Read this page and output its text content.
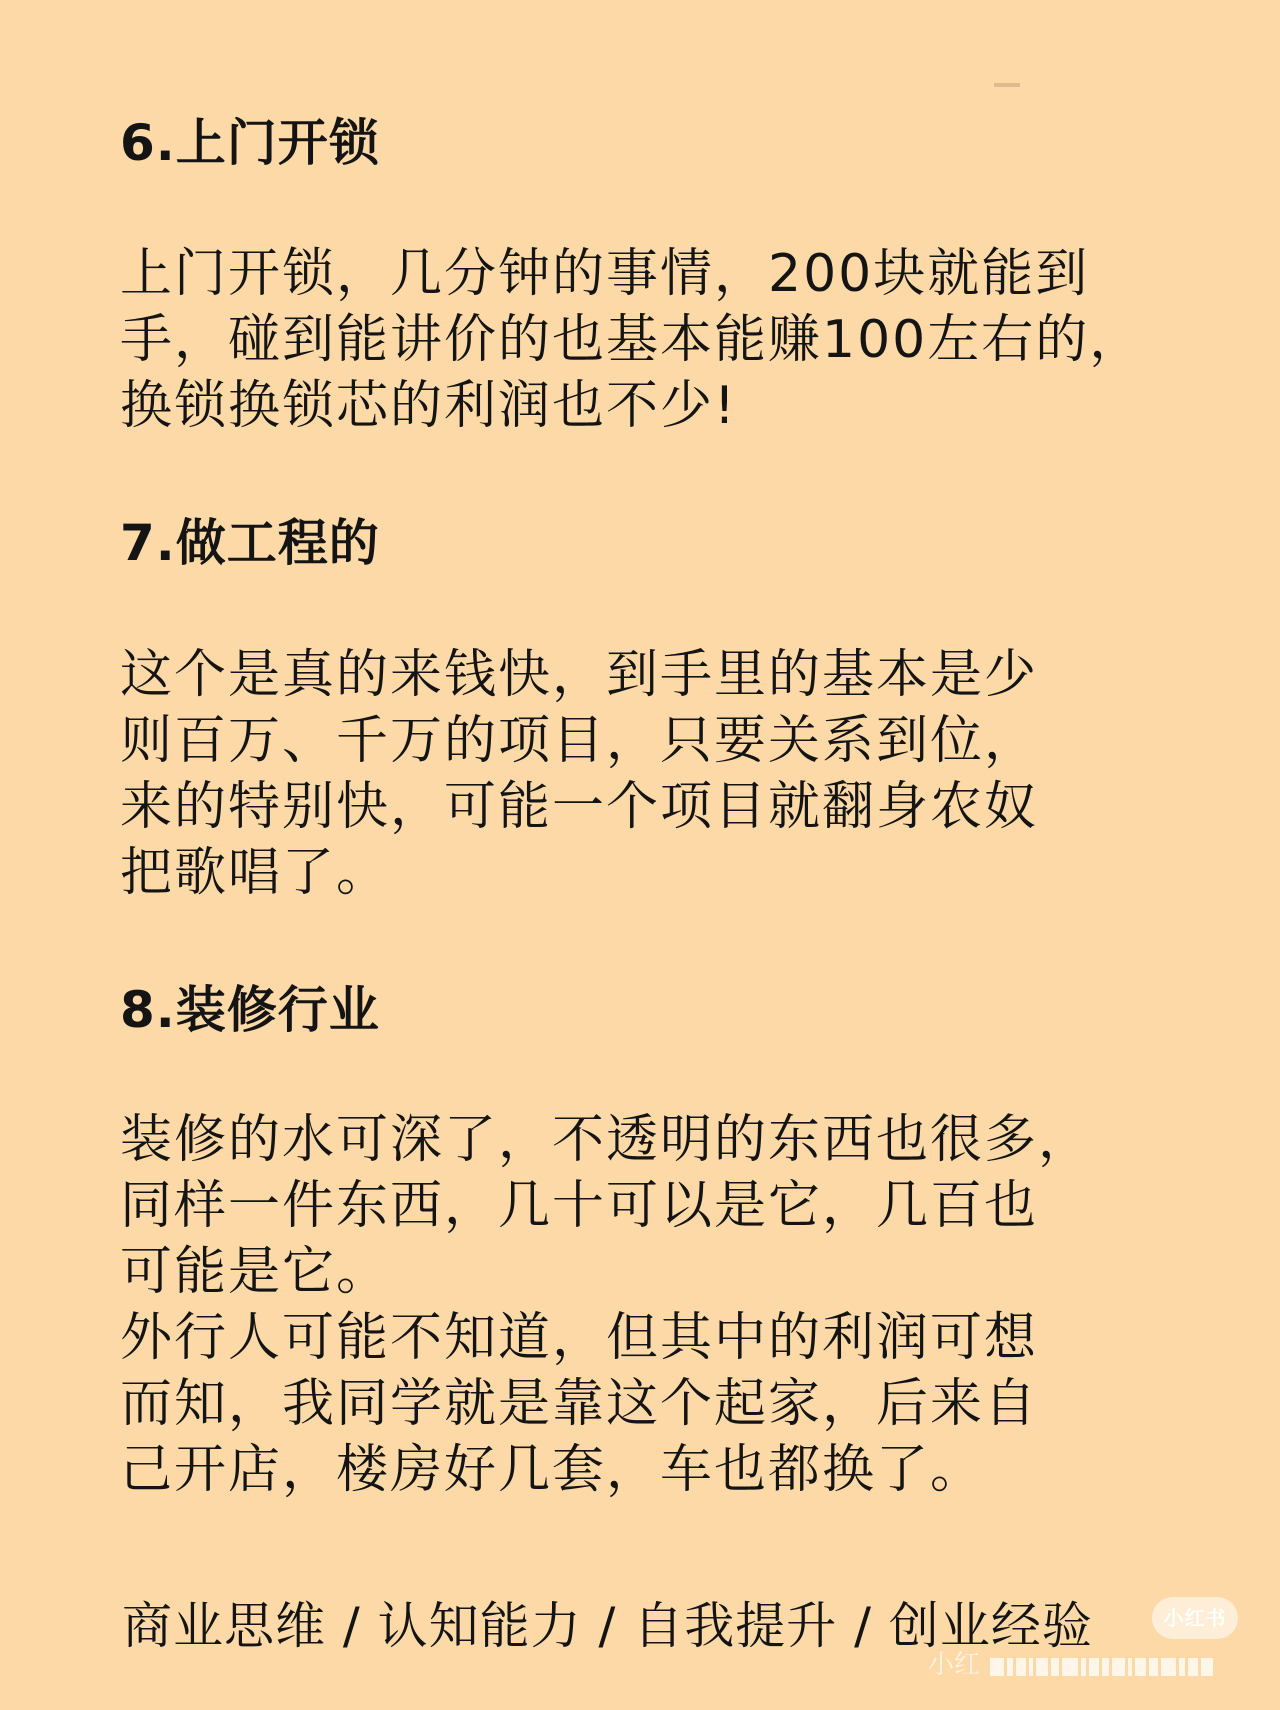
6.上门开锁

上门开锁，几分钟的事情，200块就能到
手，碰到能讲价的也基本能赚100左右的，
换锁换锁芯的利润也不少!

7.做工程的

这个是真的来钱快，到手里的基本是少
则百万、千万的项目，只要关系到位，
来的特别快，可能一个项目就翻身农奴
把歌唱了。

8.装修行业

装修的水可深了，不透明的东西也很多，
同样一件东西，几十可以是它，几百也
可能是它。
外行人可能不知道，但其中的利润可想
而知，我同学就是靠这个起家，后来自
己开店，楼房好几套，车也都换了。

商业思维 / 认知能力 / 自我提升 / 创业经验	小红书
小红
